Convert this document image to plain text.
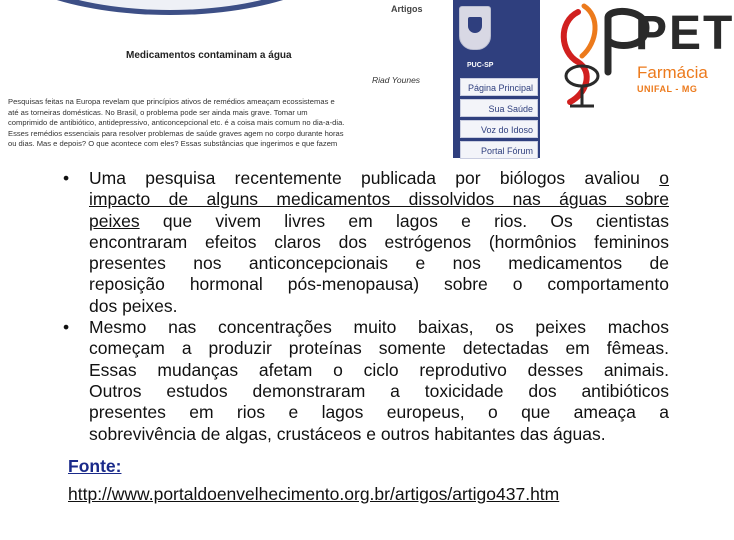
Artigos
Medicamentos contaminam a água
Riad Younes
Pesquisas feitas na Europa revelam que princípios ativos de remédios ameaçam ecossistemas e
até as torneiras domésticas. No Brasil, o problema pode ser ainda mais grave. Tomar um
comprimido de antibiótico, antidepressivo, anticoncepcional etc. é a coisa mais comum no dia-a-dia.
Esses remédios essenciais para resolver problemas de saúde graves agem no corpo durante horas
ou dias. Mas e depois? O que acontece com eles? Essas substâncias que ingerimos e que fazem
PUC-SP
Página Principal
Sua Saúde
Voz do Idoso
Portal Fórum
PET
Farmácia
UNIFAL - MG
•	Uma pesquisa recentemente publicada por biólogos avaliou o
impacto de alguns medicamentos dissolvidos nas águas sobre
peixes que vivem livres em lagos e rios. Os cientistas
encontraram efeitos claros dos estrógenos (hormônios femininos
presentes nos anticoncepcionais e nos medicamentos de
reposição hormonal pós-menopausa) sobre o comportamento
dos peixes.
•	Mesmo nas concentrações muito baixas, os peixes machos
começam a produzir proteínas somente detectadas em fêmeas.
Essas mudanças afetam o ciclo reprodutivo desses animais.
Outros estudos demonstraram a toxicidade dos antibióticos
presentes em rios e lagos europeus, o que ameaça a
sobrevivência de algas, crustáceos e outros habitantes das águas.
Fonte:
http://www.portaldoenvelhecimento.org.br/artigos/artigo437.htm
